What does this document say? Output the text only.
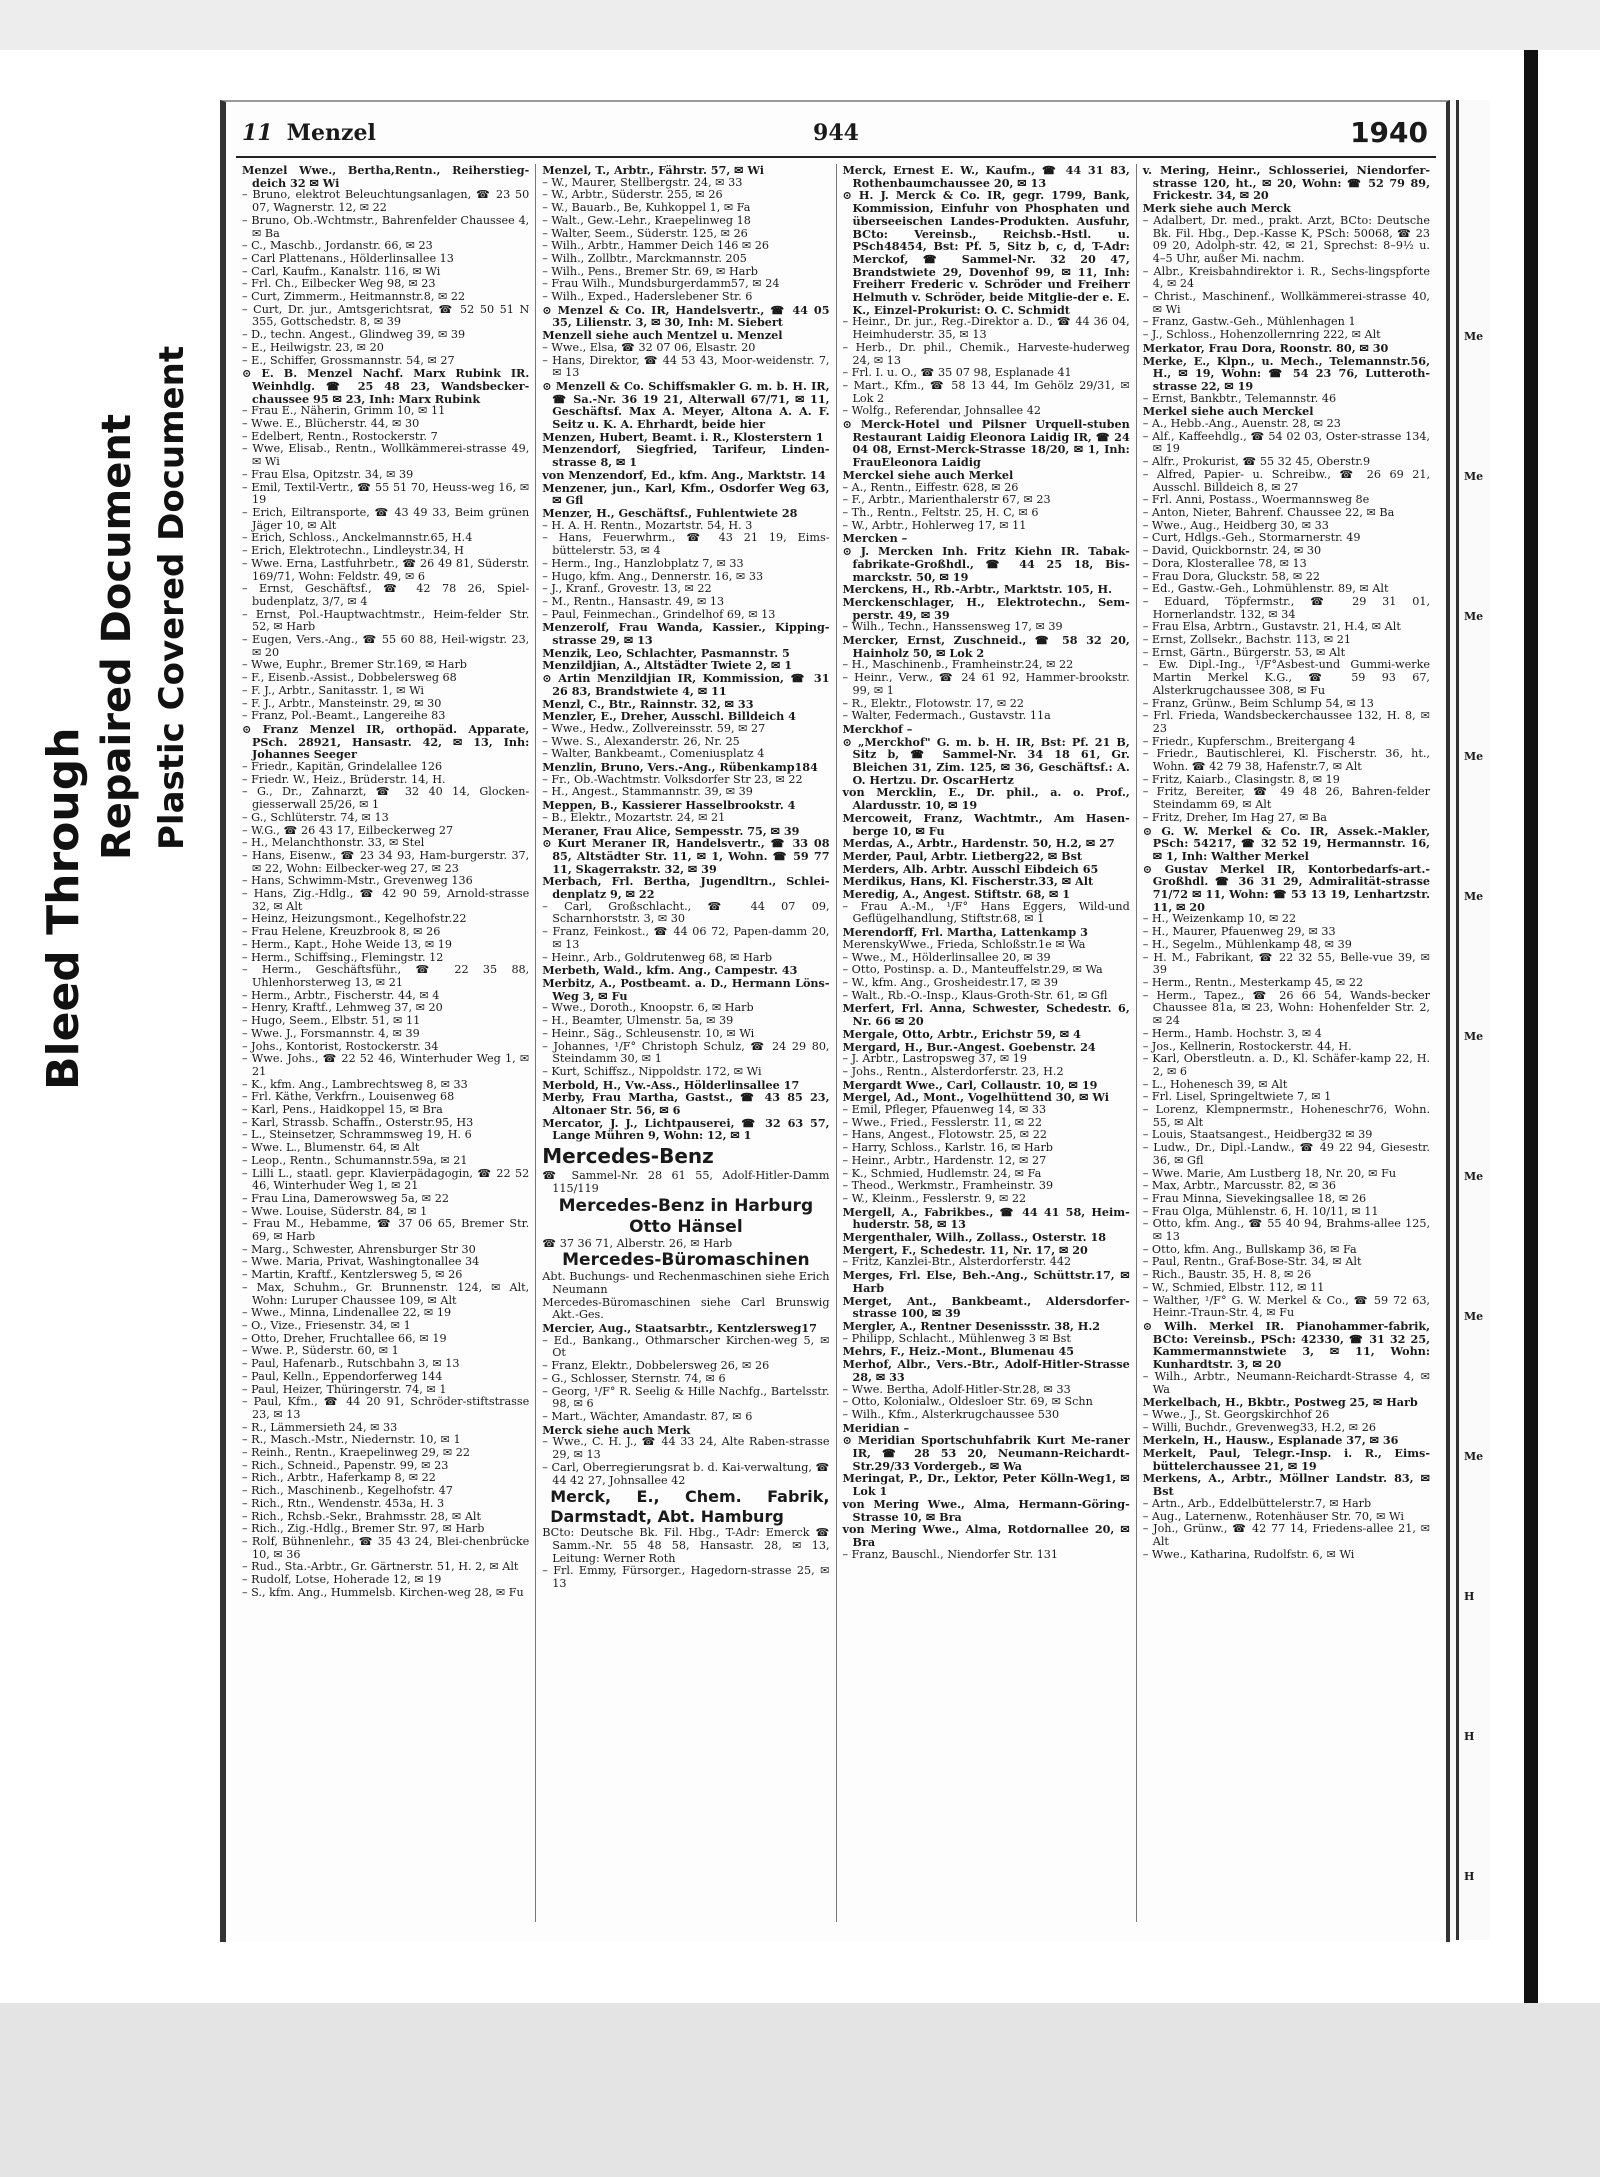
Bleed Through
Repaired Document Plastic Covered Document
11 Menzel	944	1940

Menzel Wwe., Bertha,Rentn., Reiherstieg-deich 32 ✉ Wi

– Bruno, elektrot Beleuchtungsanlagen, ☎ 23 50 07, Wagnerstr. 12, ✉ 22

– Bruno, Ob.-Wchtmstr., Bahrenfelder Chaussee 4, ✉ Ba

– C., Maschb., Jordanstr. 66, ✉ 23

– Carl Plattenans., Hölderlinsallee 13

– Carl, Kaufm., Kanalstr. 116, ✉ Wi

– Frl. Ch., Eilbecker Weg 98, ✉ 23

– Curt, Zimmerm., Heitmannstr.8, ✉ 22

– Curt, Dr. jur., Amtsgerichtsrat, ☎ 52 50 51 N 355, Gottschedstr. 8, ✉ 39

– D., techn. Angest., Glindweg 39, ✉ 39

– E., Heilwigstr. 23, ✉ 20

– E., Schiffer, Grossmannstr. 54, ✉ 27

⊙ E. B. Menzel Nachf. Marx Rubink IR. Weinhdlg. ☎ 25 48 23, Wandsbecker-chaussee 95 ✉ 23, Inh: Marx Rubink

– Frau E., Näherin, Grimm 10, ✉ 11

– Wwe. E., Blücherstr. 44, ✉ 30

– Edelbert, Rentn., Rostockerstr. 7

– Wwe, Elisab., Rentn., Wollkämmerei-strasse 49, ✉ Wi

– Frau Elsa, Opitzstr. 34, ✉ 39

– Emil, Textil-Vertr., ☎ 55 51 70, Heuss-weg 16, ✉ 19

– Erich, Eiltransporte, ☎ 43 49 33, Beim grünen Jäger 10, ✉ Alt

– Erich, Schloss., Anckelmannstr.65, H.4

– Erich, Elektrotechn., Lindleystr.34, H

– Wwe. Erna, Lastfuhrbetr., ☎ 26 49 81, Süderstr. 169/71, Wohn: Feldstr. 49, ✉ 6

– Ernst, Geschäftsf., ☎ 42 78 26, Spiel-budenplatz, 3/7, ✉ 4

– Ernst, Pol.-Hauptwachtmstr., Heim-felder Str. 52, ✉ Harb

– Eugen, Vers.-Ang., ☎ 55 60 88, Heil-wigstr. 23, ✉ 20

– Wwe, Euphr., Bremer Str.169, ✉ Harb

– F., Eisenb.-Assist., Dobbelersweg 68

– F. J., Arbtr., Sanitasstr. 1, ✉ Wi

– F. J., Arbtr., Mansteinstr. 29, ✉ 30

– Franz, Pol.-Beamt., Langereihe 83

⊙ Franz Menzel IR, orthopäd. Apparate, PSch. 28921, Hansastr. 42, ✉ 13, Inh: Johannes Seeger

– Friedr., Kapitän, Grindelallee 126

– Friedr. W., Heiz., Brüderstr. 14, H.

– G., Dr., Zahnarzt, ☎ 32 40 14, Glocken-giesserwall 25/26, ✉ 1

– G., Schlüterstr. 74, ✉ 13

– W.G., ☎ 26 43 17, Eilbeckerweg 27

– H., Melanchthonstr. 33, ✉ Stel

– Hans, Eisenw., ☎ 23 34 93, Ham-burgerstr. 37, ✉ 22, Wohn: Eilbecker-weg 27, ✉ 23

– Hans, Schwimm-Mstr., Grevenweg 136

– Hans, Zig.-Hdlg., ☎ 42 90 59, Arnold-strasse 32, ✉ Alt

– Heinz, Heizungsmont., Kegelhofstr.22

– Frau Helene, Kreuzbrook 8, ✉ 26

– Herm., Kapt., Hohe Weide 13, ✉ 19

– Herm., Schiffsing., Flemingstr. 12

– Herm., Geschäftsführ., ☎ 22 35 88, Uhlenhorsterweg 13, ✉ 21

– Herm., Arbtr., Fischerstr. 44, ✉ 4

– Henry, Kraftf., Lehmweg 37, ✉ 20

– Hugo, Seem., Elbstr. 51, ✉ 11

– Wwe. J., Forsmannstr. 4, ✉ 39

– Johs., Kontorist, Rostockerstr. 34

– Wwe. Johs., ☎ 22 52 46, Winterhuder Weg 1, ✉ 21

– K., kfm. Ang., Lambrechtsweg 8, ✉ 33

– Frl. Käthe, Verkfrn., Louisenweg 68

– Karl, Pens., Haidkoppel 15, ✉ Bra

– Karl, Strassb. Schaffn., Osterstr.95, H3

– L., Steinsetzer, Schrammsweg 19, H. 6

– Wwe. L., Blumenstr. 64, ✉ Alt

– Leop., Rentn., Schumannstr.59a, ✉ 21

– Lilli L., staatl. gepr. Klavierpädagogin, ☎ 22 52 46, Winterhuder Weg 1, ✉ 21

– Frau Lina, Damerowsweg 5a, ✉ 22

– Wwe. Louise, Süderstr. 84, ✉ 1

– Frau M., Hebamme, ☎ 37 06 65, Bremer Str. 69, ✉ Harb

– Marg., Schwester, Ahrensburger Str 30

– Wwe. Maria, Privat, Washingtonallee 34

– Martin, Kraftf., Kentzlersweg 5, ✉ 26

– Max, Schuhm., Gr. Brunnenstr. 124, ✉ Alt, Wohn: Luruper Chaussee 109, ✉ Alt

– Wwe., Minna, Lindenallee 22, ✉ 19

– O., Vize., Friesenstr. 34, ✉ 1

– Otto, Dreher, Fruchtallee 66, ✉ 19

– Wwe. P., Süderstr. 60, ✉ 1

– Paul, Hafenarb., Rutschbahn 3, ✉ 13

– Paul, Kelln., Eppendorferweg 144

– Paul, Heizer, Thüringerstr. 74, ✉ 1

– Paul, Kfm., ☎ 44 20 91, Schröder-stiftstrasse 23, ✉ 13

– R., Lämmersieth 24, ✉ 33

– R., Masch.-Mstr., Niedernstr. 10, ✉ 1

– Reinh., Rentn., Kraepelinweg 29, ✉ 22

– Rich., Schneid., Papenstr. 99, ✉ 23

– Rich., Arbtr., Haferkamp 8, ✉ 22

– Rich., Maschinenb., Kegelhofstr. 47

– Rich., Rtn., Wendenstr. 453a, H. 3

– Rich., Rchsb.-Sekr., Brahmsstr. 28, ✉ Alt

– Rich., Zig.-Hdlg., Bremer Str. 97, ✉ Harb

– Rolf, Bühnenlehr., ☎ 35 43 24, Blei-chenbrücke 10, ✉ 36

– Rud., Sta.-Arbtr., Gr. Gärtnerstr. 51, H. 2, ✉ Alt

– Rudolf, Lotse, Hoherade 12, ✉ 19

– S., kfm. Ang., Hummelsb. Kirchen-weg 28, ✉ Fu

Menzel, T., Arbtr., Fährstr. 57, ✉ Wi

– W., Maurer, Stellbergstr. 24, ✉ 33

– W., Arbtr., Süderstr. 255, ✉ 26

– W., Bauarb., Be, Kuhkoppel 1, ✉ Fa

– Walt., Gew.-Lehr., Kraepelinweg 18

– Walter, Seem., Süderstr. 125, ✉ 26

– Wilh., Arbtr., Hammer Deich 146 ✉ 26

– Wilh., Zollbtr., Marckmannstr. 205

– Wilh., Pens., Bremer Str. 69, ✉ Harb

– Frau Wilh., Mundsburgerdamm57, ✉ 24

– Wilh., Exped., Haderslebener Str. 6

⊙ Menzel & Co. IR, Handelsvertr., ☎ 44 05 35, Lilienstr. 3, ✉ 30, Inh: M. Siebert

Menzell siehe auch Mentzel u. Menzel

– Wwe., Elsa, ☎ 32 07 06, Elsastr. 20

– Hans, Direktor, ☎ 44 53 43, Moor-weidenstr. 7, ✉ 13

⊙ Menzell & Co. Schiffsmakler G. m. b. H. IR, ☎ Sa.-Nr. 36 19 21, Alterwall 67/71, ✉ 11, Geschäftsf. Max A. Meyer, Altona A. A. F. Seitz u. K. A. Ehrhardt, beide hier

Menzen, Hubert, Beamt. i. R., Klosterstern 1

Menzendorf, Siegfried, Tarifeur, Linden-strasse 8, ✉ 1

von Menzendorf, Ed., kfm. Ang., Marktstr. 14

Menzener, jun., Karl, Kfm., Osdorfer Weg 63, ✉ Gfl

Menzer, H., Geschäftsf., Fuhlentwiete 28

– H. A. H. Rentn., Mozartstr. 54, H. 3

– Hans, Feuerwhrm., ☎ 43 21 19, Eims-büttelerstr. 53, ✉ 4

– Herm., Ing., Hanzlobplatz 7, ✉ 33

– Hugo, kfm. Ang., Dennerstr. 16, ✉ 33

– J., Kranf., Grovestr. 13, ✉ 22

– M., Rentn., Hansastr. 49, ✉ 13

– Paul, Feinmechan., Grindelhof 69, ✉ 13

Menzerolf, Frau Wanda, Kassier., Kipping-strasse 29, ✉ 13

Menzik, Leo, Schlachter, Pasmannstr. 5

Menzildjian, A., Altstädter Twiete 2, ✉ 1

⊙ Artin Menzildjian IR, Kommission, ☎ 31 26 83, Brandstwiete 4, ✉ 11

Menzl, C., Btr., Rainnstr. 32, ✉ 33

Menzler, E., Dreher, Ausschl. Billdeich 4

– Wwe., Hedw., Zollvereinsstr. 59, ✉ 27

– Wwe. S., Alexanderstr. 26, Nr. 25

– Walter, Bankbeamt., Comeniusplatz 4

Menzlin, Bruno, Vers.-Ang., Rübenkamp184

– Fr., Ob.-Wachtmstr. Volksdorfer Str 23, ✉ 22

– H., Angest., Stammannstr. 39, ✉ 39

Meppen, B., Kassierer Hasselbrookstr. 4

– B., Elektr., Mozartstr. 24, ✉ 21

Meraner, Frau Alice, Sempesstr. 75, ✉ 39

⊙ Kurt Meraner IR, Handelsvertr., ☎ 33 08 85, Altstädter Str. 11, ✉ 1, Wohn. ☎ 59 77 11, Skagerrakstr. 32, ✉ 39

Merbach, Frl. Bertha, Jugendltrn., Schlei-denplatz 9, ✉ 22

– Carl, Großschlacht., ☎ 44 07 09, Scharnhorststr. 3, ✉ 30

– Franz, Feinkost., ☎ 44 06 72, Papen-damm 20, ✉ 13

– Heinr., Arb., Goldrutenweg 68, ✉ Harb

Merbeth, Wald., kfm. Ang., Campestr. 43

Merbitz, A., Postbeamt. a. D., Hermann Löns-Weg 3, ✉ Fu

– Wwe., Doroth., Knoopstr. 6, ✉ Harb

– H., Beamter, Ulmenstr. 5a, ✉ 39

– Heinr., Säg., Schleusenstr. 10, ✉ Wi

– Johannes, ¹/F° Christoph Schulz, ☎ 24 29 80, Steindamm 30, ✉ 1

– Kurt, Schiffsz., Nippoldstr. 172, ✉ Wi

Merbold, H., Vw.-Ass., Hölderlinsallee 17

Merby, Frau Martha, Gastst., ☎ 43 85 23, Altonaer Str. 56, ✉ 6

Mercator, J. J., Lichtpauserei, ☎ 32 63 57, Lange Mühren 9, Wohn: 12, ✉ 1

Mercedes-Benz

☎ Sammel-Nr. 28 61 55, Adolf-Hitler-Damm 115/119

Mercedes-Benz in Harburg Otto Hänsel

☎ 37 36 71, Alberstr. 26, ✉ Harb

Mercedes-Büromaschinen

Abt. Buchungs- und Rechenmaschinen siehe Erich Neumann

Mercedes-Büromaschinen siehe Carl Brunswig Akt.-Ges.

Mercier, Aug., Staatsarbtr., Kentzlersweg17

– Ed., Bankang., Othmarscher Kirchen-weg 5, ✉ Ot

– Franz, Elektr., Dobbelersweg 26, ✉ 26

– G., Schlosser, Sternstr. 74, ✉ 6

– Georg, ¹/F° R. Seelig & Hille Nachfg., Bartelsstr. 98, ✉ 6

– Mart., Wächter, Amandastr. 87, ✉ 6

Merck siehe auch Merk

– Wwe., C. H. J., ☎ 44 33 24, Alte Raben-strasse 29, ✉ 13

– Carl, Oberregierungsrat b. d. Kai-verwaltung, ☎ 44 42 27, Johnsallee 42

Merck, E., Chem. Fabrik, Darmstadt, Abt. Hamburg

BCto: Deutsche Bk. Fil. Hbg., T-Adr: Emerck ☎ Samm.-Nr. 55 48 58, Hansastr. 28, ✉ 13, Leitung: Werner Roth

– Frl. Emmy, Fürsorger., Hagedorn-strasse 25, ✉ 13

Merck, Ernest E. W., Kaufm., ☎ 44 31 83, Rothenbaumchaussee 20, ✉ 13

⊙ H. J. Merck & Co. IR, gegr. 1799, Bank, Kommission, Einfuhr von Phosphaten und überseeischen Landes-Produkten. Ausfuhr, BCto: Vereinsb., Reichsb.-Hstl. u. PSch48454, Bst: Pf. 5, Sitz b, c, d, T-Adr: Merckof, ☎ Sammel-Nr. 32 20 47, Brandstwiete 29, Dovenhof 99, ✉ 11, Inh: Freiherr Frederic v. Schröder und Freiherr Helmuth v. Schröder, beide Mitglie-der e. E. K., Einzel-Prokurist: O. C. Schmidt

– Heinr., Dr. jur., Reg.-Direktor a. D., ☎ 44 36 04, Heimhuderstr. 35, ✉ 13

– Herb., Dr. phil., Chemik., Harveste-huderweg 24, ✉ 13

– Frl. I. u. O., ☎ 35 07 98, Esplanade 41

– Mart., Kfm., ☎ 58 13 44, Im Gehölz 29/31, ✉ Lok 2

– Wolfg., Referendar, Johnsallee 42

⊙ Merck-Hotel und Pilsner Urquell-stuben Restaurant Laidig Eleonora Laidig IR, ☎ 24 04 08, Ernst-Merck-Strasse 18/20, ✉ 1, Inh: FrauEleonora Laidig

Merckel siehe auch Merkel

– A., Rentn., Eiffestr. 628, ✉ 26

– F., Arbtr., Marienthalerstr 67, ✉ 23

– Th., Rentn., Feltstr. 25, H. C, ✉ 6

– W., Arbtr., Hohlerweg 17, ✉ 11

Mercken –

⊙ J. Mercken Inh. Fritz Kiehn IR. Tabak-fabrikate-Großhdl., ☎ 44 25 18, Bis-marckstr. 50, ✉ 19

Merckens, H., Rb.-Arbtr., Marktstr. 105, H.

Merckenschlager, H., Elektrotechn., Sem-perstr. 49, ✉ 39

– Wilh., Techn., Hanssensweg 17, ✉ 39

Mercker, Ernst, Zuschneid., ☎ 58 32 20, Hainholz 50, ✉ Lok 2

– H., Maschinenb., Framheinstr.24, ✉ 22

– Heinr., Verw., ☎ 24 61 92, Hammer-brookstr. 99, ✉ 1

– R., Elektr., Flotowstr. 17, ✉ 22

– Walter, Federmach., Gustavstr. 11a

Merckhof –

⊙ „Merckhof" G. m. b. H. IR, Bst: Pf. 21 B, Sitz b, ☎ Sammel-Nr. 34 18 61, Gr. Bleichen 31, Zim. 125, ✉ 36, Geschäftsf.: A. O. Hertzu. Dr. OscarHertz

von Mercklin, E., Dr. phil., a. o. Prof., Alardusstr. 10, ✉ 19

Mercoweit, Franz, Wachtmtr., Am Hasen-berge 10, ✉ Fu

Merdas, A., Arbtr., Hardenstr. 50, H.2, ✉ 27

Merder, Paul, Arbtr. Lietberg22, ✉ Bst

Merders, Alb. Arbtr. Ausschl Eibdeich 65

Merdikus, Hans, Kl. Fischerstr.33, ✉ Alt

Meredig, A., Angest. Stiftstr. 68, ✉ 1

– Frau A.-M., ¹/F° Hans Eggers, Wild-und Geflügelhandlung, Stiftstr.68, ✉ 1

Merendorff, Frl. Martha, Lattenkamp 3

MerenskyWwe., Frieda, Schloßstr.1e ✉ Wa

– Wwe., M., Hölderlinsallee 20, ✉ 39

– Otto, Postinsp. a. D., Manteuffelstr.29, ✉ Wa

– W., kfm. Ang., Grosheidestr.17, ✉ 39

– Walt., Rb.-O.-Insp., Klaus-Groth-Str. 61, ✉ Gfl

Merfert, Frl. Anna, Schwester, Schedestr. 6, Nr. 66 ✉ 20

Mergale, Otto, Arbtr., Erichstr 59, ✉ 4

Mergard, H., Bur.-Angest. Goebenstr. 24

– J. Arbtr., Lastropsweg 37, ✉ 19

– Johs., Rentn., Alsterdorferstr. 23, H.2

Mergardt Wwe., Carl, Collaustr. 10, ✉ 19

Mergel, Ad., Mont., Vogelhüttend 30, ✉ Wi

– Emil, Pfleger, Pfauenweg 14, ✉ 33

– Wwe., Fried., Fesslerstr. 11, ✉ 22

– Hans, Angest., Flotowstr. 25, ✉ 22

– Harry, Schloss., Karlstr. 16, ✉ Harb

– Heinr., Arbtr., Hardenstr. 12, ✉ 27

– K., Schmied, Hudlemstr. 24, ✉ Fa

– Theod., Werkmstr., Framheinstr. 39

– W., Kleinm., Fesslerstr. 9, ✉ 22

Mergell, A., Fabrikbes., ☎ 44 41 58, Heim-huderstr. 58, ✉ 13

Mergenthaler, Wilh., Zollass., Osterstr. 18

Mergert, F., Schedestr. 11, Nr. 17, ✉ 20

– Fritz, Kanzlei-Btr., Alsterdorferstr. 442

Merges, Frl. Else, Beh.-Ang., Schüttstr.17, ✉ Harb

Merget, Ant., Bankbeamt., Aldersdorfer-strasse 100, ✉ 39

Mergler, A., Rentner Desenissstr. 38, H.2

– Philipp, Schlacht., Mühlenweg 3 ✉ Bst

Mehrs, F., Heiz.-Mont., Blumenau 45

Merhof, Albr., Vers.-Btr., Adolf-Hitler-Strasse 28, ✉ 33

– Wwe. Bertha, Adolf-Hitler-Str.28, ✉ 33

– Otto, Kolonialw., Oldesloer Str. 69, ✉ Schn

– Wilh., Kfm., Alsterkrugchaussee 530

Meridian –

⊙ Meridian Sportschuhfabrik Kurt Me-raner IR, ☎ 28 53 20, Neumann-Reichardt-Str.29/33 Vordergeb., ✉ Wa

Meringat, P., Dr., Lektor, Peter Kölln-Weg1, ✉ Lok 1

von Mering Wwe., Alma, Hermann-Göring-Strasse 10, ✉ Bra

von Mering Wwe., Alma, Rotdornallee 20, ✉ Bra

– Franz, Bauschl., Niendorfer Str. 131

v. Mering, Heinr., Schlosseriei, Niendorfer-strasse 120, ht., ✉ 20, Wohn: ☎ 52 79 89, Frickestr. 34, ✉ 20

Merk siehe auch Merck

– Adalbert, Dr. med., prakt. Arzt, BCto: Deutsche Bk. Fil. Hbg., Dep.-Kasse K, PSch: 50068, ☎ 23 09 20, Adolph-str. 42, ✉ 21, Sprechst: 8–9½ u. 4–5 Uhr, außer Mi. nachm.

– Albr., Kreisbahndirektor i. R., Sechs-lingspforte 4, ✉ 24

– Christ., Maschinenf., Wollkämmerei-strasse 40, ✉ Wi

– Franz, Gastw.-Geh., Mühlenhagen 1

– J., Schloss., Hohenzollernring 222, ✉ Alt

Merkator, Frau Dora, Roonstr. 80, ✉ 30

Merke, E., Klpn., u. Mech., Telemannstr.56, H., ✉ 19, Wohn: ☎ 54 23 76, Lutteroth-strasse 22, ✉ 19

– Ernst, Bankbtr., Telemannstr. 46

Merkel siehe auch Merckel

– A., Hebb.-Ang., Auenstr. 28, ✉ 23

– Alf., Kaffeehdlg., ☎ 54 02 03, Oster-strasse 134, ✉ 19

– Alfr., Prokurist, ☎ 55 32 45, Oberstr.9

– Alfred, Papier- u. Schreibw., ☎ 26 69 21, Ausschl. Billdeich 8, ✉ 27

– Frl. Anni, Postass., Woermannsweg 8e

– Anton, Nieter, Bahrenf. Chaussee 22, ✉ Ba

– Wwe., Aug., Heidberg 30, ✉ 33

– Curt, Hdlgs.-Geh., Stormarnerstr. 49

– David, Quickbornstr. 24, ✉ 30

– Dora, Klosterallee 78, ✉ 13

– Frau Dora, Gluckstr. 58, ✉ 22

– Ed., Gastw.-Geh., Lohmühlenstr. 89, ✉ Alt

– Eduard, Töpfermstr., ☎ 29 31 01, Hornerlandstr. 132, ✉ 34

– Frau Elsa, Arbtrn., Gustavstr. 21, H.4, ✉ Alt

– Ernst, Zollsekr., Bachstr. 113, ✉ 21

– Ernst, Gärtn., Bürgerstr. 53, ✉ Alt

– Ew. Dipl.-Ing., ¹/F°Asbest-und Gummi-werke Martin Merkel K.G., ☎ 59 93 67, Alsterkrugchaussee 308, ✉ Fu

– Franz, Grünw., Beim Schlump 54, ✉ 13

– Frl. Frieda, Wandsbeckerchaussee 132, H. 8, ✉ 23

– Friedr., Kupferschm., Breitergang 4

– Friedr., Bautischlerei, Kl. Fischerstr. 36, ht., Wohn. ☎ 42 79 38, Hafenstr.7, ✉ Alt

– Fritz, Kaiarb., Clasingstr. 8, ✉ 19

– Fritz, Bereiter, ☎ 49 48 26, Bahren-felder Steindamm 69, ✉ Alt

– Fritz, Dreher, Im Hag 27, ✉ Ba

⊙ G. W. Merkel & Co. IR, Assek.-Makler, PSch: 54217, ☎ 32 52 19, Hermannstr. 16, ✉ 1, Inh: Walther Merkel

⊙ Gustav Merkel IR, Kontorbedarfs-art.-Großhdl. ☎ 36 31 29, Admiralität-strasse 71/72 ✉ 11, Wohn: ☎ 53 13 19, Lenhartzstr. 11, ✉ 20

– H., Weizenkamp 10, ✉ 22

– H., Maurer, Pfauenweg 29, ✉ 33

– H., Segelm., Mühlenkamp 48, ✉ 39

– H. M., Fabrikant, ☎ 22 32 55, Belle-vue 39, ✉ 39

– Herm., Rentn., Mesterkamp 45, ✉ 22

– Herm., Tapez., ☎ 26 66 54, Wands-becker Chaussee 81a, ✉ 23, Wohn: Hohenfelder Str. 2, ✉ 24

– Herm., Hamb. Hochstr. 3, ✉ 4

– Jos., Kellnerin, Rostockerstr. 44, H.

– Karl, Oberstleutn. a. D., Kl. Schäfer-kamp 22, H. 2, ✉ 6

– L., Hohenesch 39, ✉ Alt

– Frl. Lisel, Springeltwiete 7, ✉ 1

– Lorenz, Klempnermstr., Hoheneschr76, Wohn. 55, ✉ Alt

– Louis, Staatsangest., Heidberg32 ✉ 39

– Ludw., Dr., Dipl.-Landw., ☎ 49 22 94, Giesestr. 36, ✉ Gfl

– Wwe. Marie, Am Lustberg 18, Nr. 20, ✉ Fu

– Max, Arbtr., Marcusstr. 82, ✉ 36

– Frau Minna, Sievekingsallee 18, ✉ 26

– Frau Olga, Mühlenstr. 6, H. 10/11, ✉ 11

– Otto, kfm. Ang., ☎ 55 40 94, Brahms-allee 125, ✉ 13

– Otto, kfm. Ang., Bullskamp 36, ✉ Fa

– Paul, Rentn., Graf-Bose-Str. 34, ✉ Alt

– Rich., Baustr. 35, H. 8, ✉ 26

– W., Schmied, Elbstr. 112, ✉ 11

– Walther, ¹/F° G. W. Merkel & Co., ☎ 59 72 63, Heinr.-Traun-Str. 4, ✉ Fu

⊙ Wilh. Merkel IR. Pianohammer-fabrik, BCto: Vereinsb., PSch: 42330, ☎ 31 32 25, Kammermannstwiete 3, ✉ 11, Wohn: Kunhardtstr. 3, ✉ 20

– Wilh., Arbtr., Neumann-Reichardt-Strasse 4, ✉ Wa

Merkelbach, H., Bkbtr., Postweg 25, ✉ Harb

– Wwe., J., St. Georgskirchhof 26

– Willi, Buchdr., Grevenweg33, H.2, ✉ 26

Merkeln, H., Hausw., Esplanade 37, ✉ 36

Merkelt, Paul, Telegr.-Insp. i. R., Eims-büttelerchaussee 21, ✉ 19

Merkens, A., Arbtr., Möllner Landstr. 83, ✉ Bst

– Artn., Arb., Eddelbüttelerstr.7, ✉ Harb

– Aug., Laternenw., Rotenhäuser Str. 70, ✉ Wi

– Joh., Grünw., ☎ 42 77 14, Friedens-allee 21, ✉ Alt

– Wwe., Katharina, Rudolfstr. 6, ✉ Wi

Me
Me
Me
Me
Me
Me
Me
Me
Me
H
H
H
